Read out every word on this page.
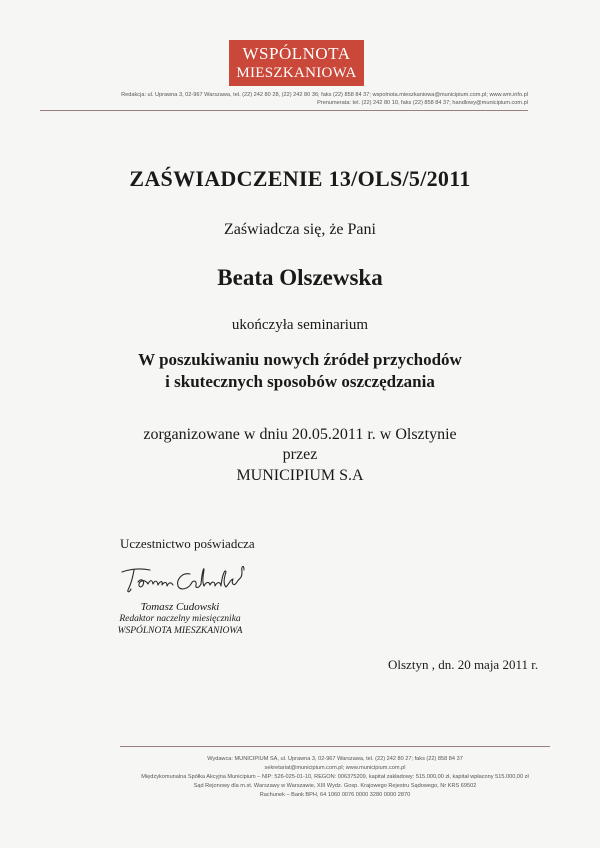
WSPÓLNOTA
MIESZKANIOWA
Redakcja: ul. Uprawna 3, 02-967 Warszawa, tel. (22) 242 80 28, (22) 242 80 36; faks (22) 858 84 37; wspolnota.mieszkaniowa@municipium.com.pl; www.wm.info.pl
Prenumerata: tel. (22) 242 80 10, faks (22) 858 84 37; handlowy@municipium.com.pl
ZAŚWIADCZENIE 13/OLS/5/2011
Zaświadcza się, że Pani
Beata Olszewska
ukończyła seminarium
W poszukiwaniu nowych źródeł przychodów
i skutecznych sposobów oszczędzania
zorganizowane w dniu 20.05.2011 r. w Olsztynie
przez
MUNICIPIUM S.A
Uczestnictwo poświadcza
Tomasz Cudowski
Redaktor naczelny miesięcznika
WSPÓLNOTA MIESZKANIOWA
Olsztyn , dn. 20 maja 2011 r.
Wydawca: MUNICIPIUM SA, ul. Uprawna 3, 02-967 Warszawa, tel. (22) 242 80 27; faks (22) 858 84 37
sekretariat@municipium.com.pl; www.municipium.com.pl
Międzykomunalna Spółka Akcyjna Municipium – NIP: 526-025-01-10, REGON: 006375209, kapitał zakładowy: 515.000,00 zł, kapitał wpłacony 515.000,00 zł
Sąd Rejonowy dla m.st. Warszawy w Warszawie, XIII Wydz. Gosp. Krajowego Rejestru Sądowego, Nr KRS 69502
Rachunek – Bank BPH, 64 1060 0076 0000 3280 0000 2870
